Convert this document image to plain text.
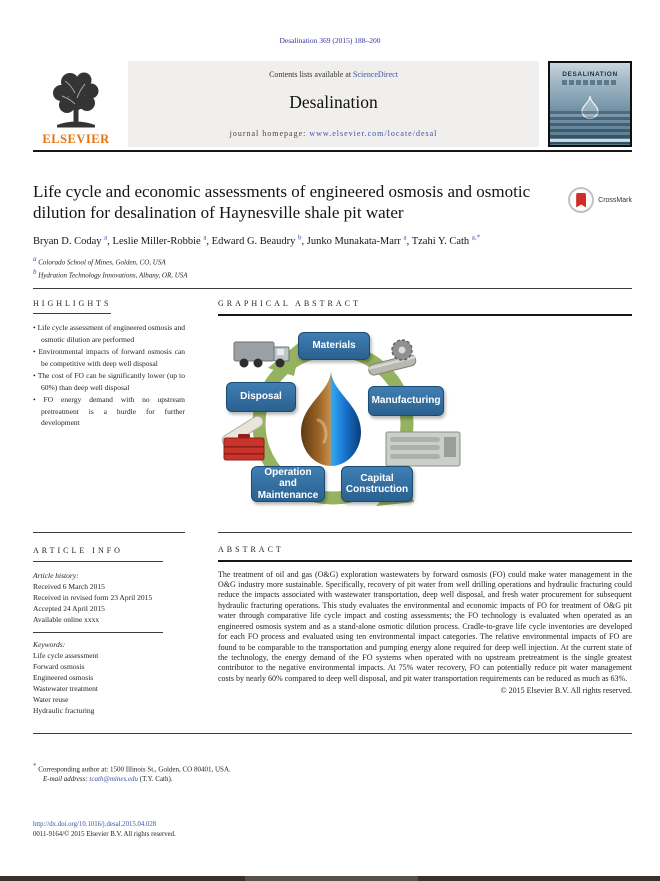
Desalination 369 (2015) 188–200
ELSEVIER
Contents lists available at ScienceDirect
Desalination
journal homepage: www.elsevier.com/locate/desal
DESALINATION
Life cycle and economic assessments of engineered osmosis and osmotic dilution for desalination of Haynesville shale pit water
CrossMark
Bryan D. Coday $^a$ , Leslie Miller-Robbie $^a$ , Edward G. Beaudry $^b$ , Junko Munakata-Marr $^a$ , Tzahi Y. Cath $^{a,*}$
$^a$ Colorado School of Mines, Golden, CO, USA
$^b$ Hydration Technology Innovations, Albany, OR, USA
HIGHLIGHTS
• Life cycle assessment of engineered osmosis and osmotic dilution are performed
• Environmental impacts of forward osmosis can be competitive with deep well disposal
• The cost of FO can be significantly lower (up to 60%) than deep well disposal
• FO energy demand with no upstream pretreatment is a hurdle for further development
GRAPHICAL ABSTRACT
Materials
Manufacturing
Capital Construction
Operation and Maintenance
Disposal
ARTICLE INFO
Article history:
Received 6 March 2015
Received in revised form 23 April 2015
Accepted 24 April 2015
Available online xxxx
Keywords:
Life cycle assessment
Forward osmosis
Engineered osmosis
Wastewater treatment
Water reuse
Hydraulic fracturing
ABSTRACT
The treatment of oil and gas (O&G) exploration wastewaters by forward osmosis (FO) could make water management in the O&G industry more sustainable. Specifically, recovery of pit water from well drilling operations and hydraulic fracturing could reduce the impacts associated with wastewater transportation, deep well disposal, and fresh water procurement for subsequent hydraulic fracturing operations. This study evaluates the environmental and economic impacts of FO for treatment of O&G pit water through comparative life cycle impact and costing assessments; the FO technology is evaluated when operated as an engineered osmosis system and as a stand-alone osmotic dilution process. Cradle-to-grave life cycle inventories are developed for each FO process and evaluated using ten environmental impact categories. The relative environmental impacts of FO are found to be comparable to the transportation and pumping energy alone required for deep well injection. At the current state of the technology, the energy demand of the FO systems when operated with no upstream pretreatment is the single greatest contributor to the negative environmental impacts. At 75% water recovery, FO can potentially reduce pit water management costs by nearly 60% compared to deep well disposal, and pit water transportation requirements can be reduced as much as 63%.
© 2015 Elsevier B.V. All rights reserved.
* Corresponding author at: 1500 Illinois St., Golden, CO 80401, USA.
E-mail address: tcath@mines.edu (T.Y. Cath).
http://dx.doi.org/10.1016/j.desal.2015.04.028
0011-9164/© 2015 Elsevier B.V. All rights reserved.
